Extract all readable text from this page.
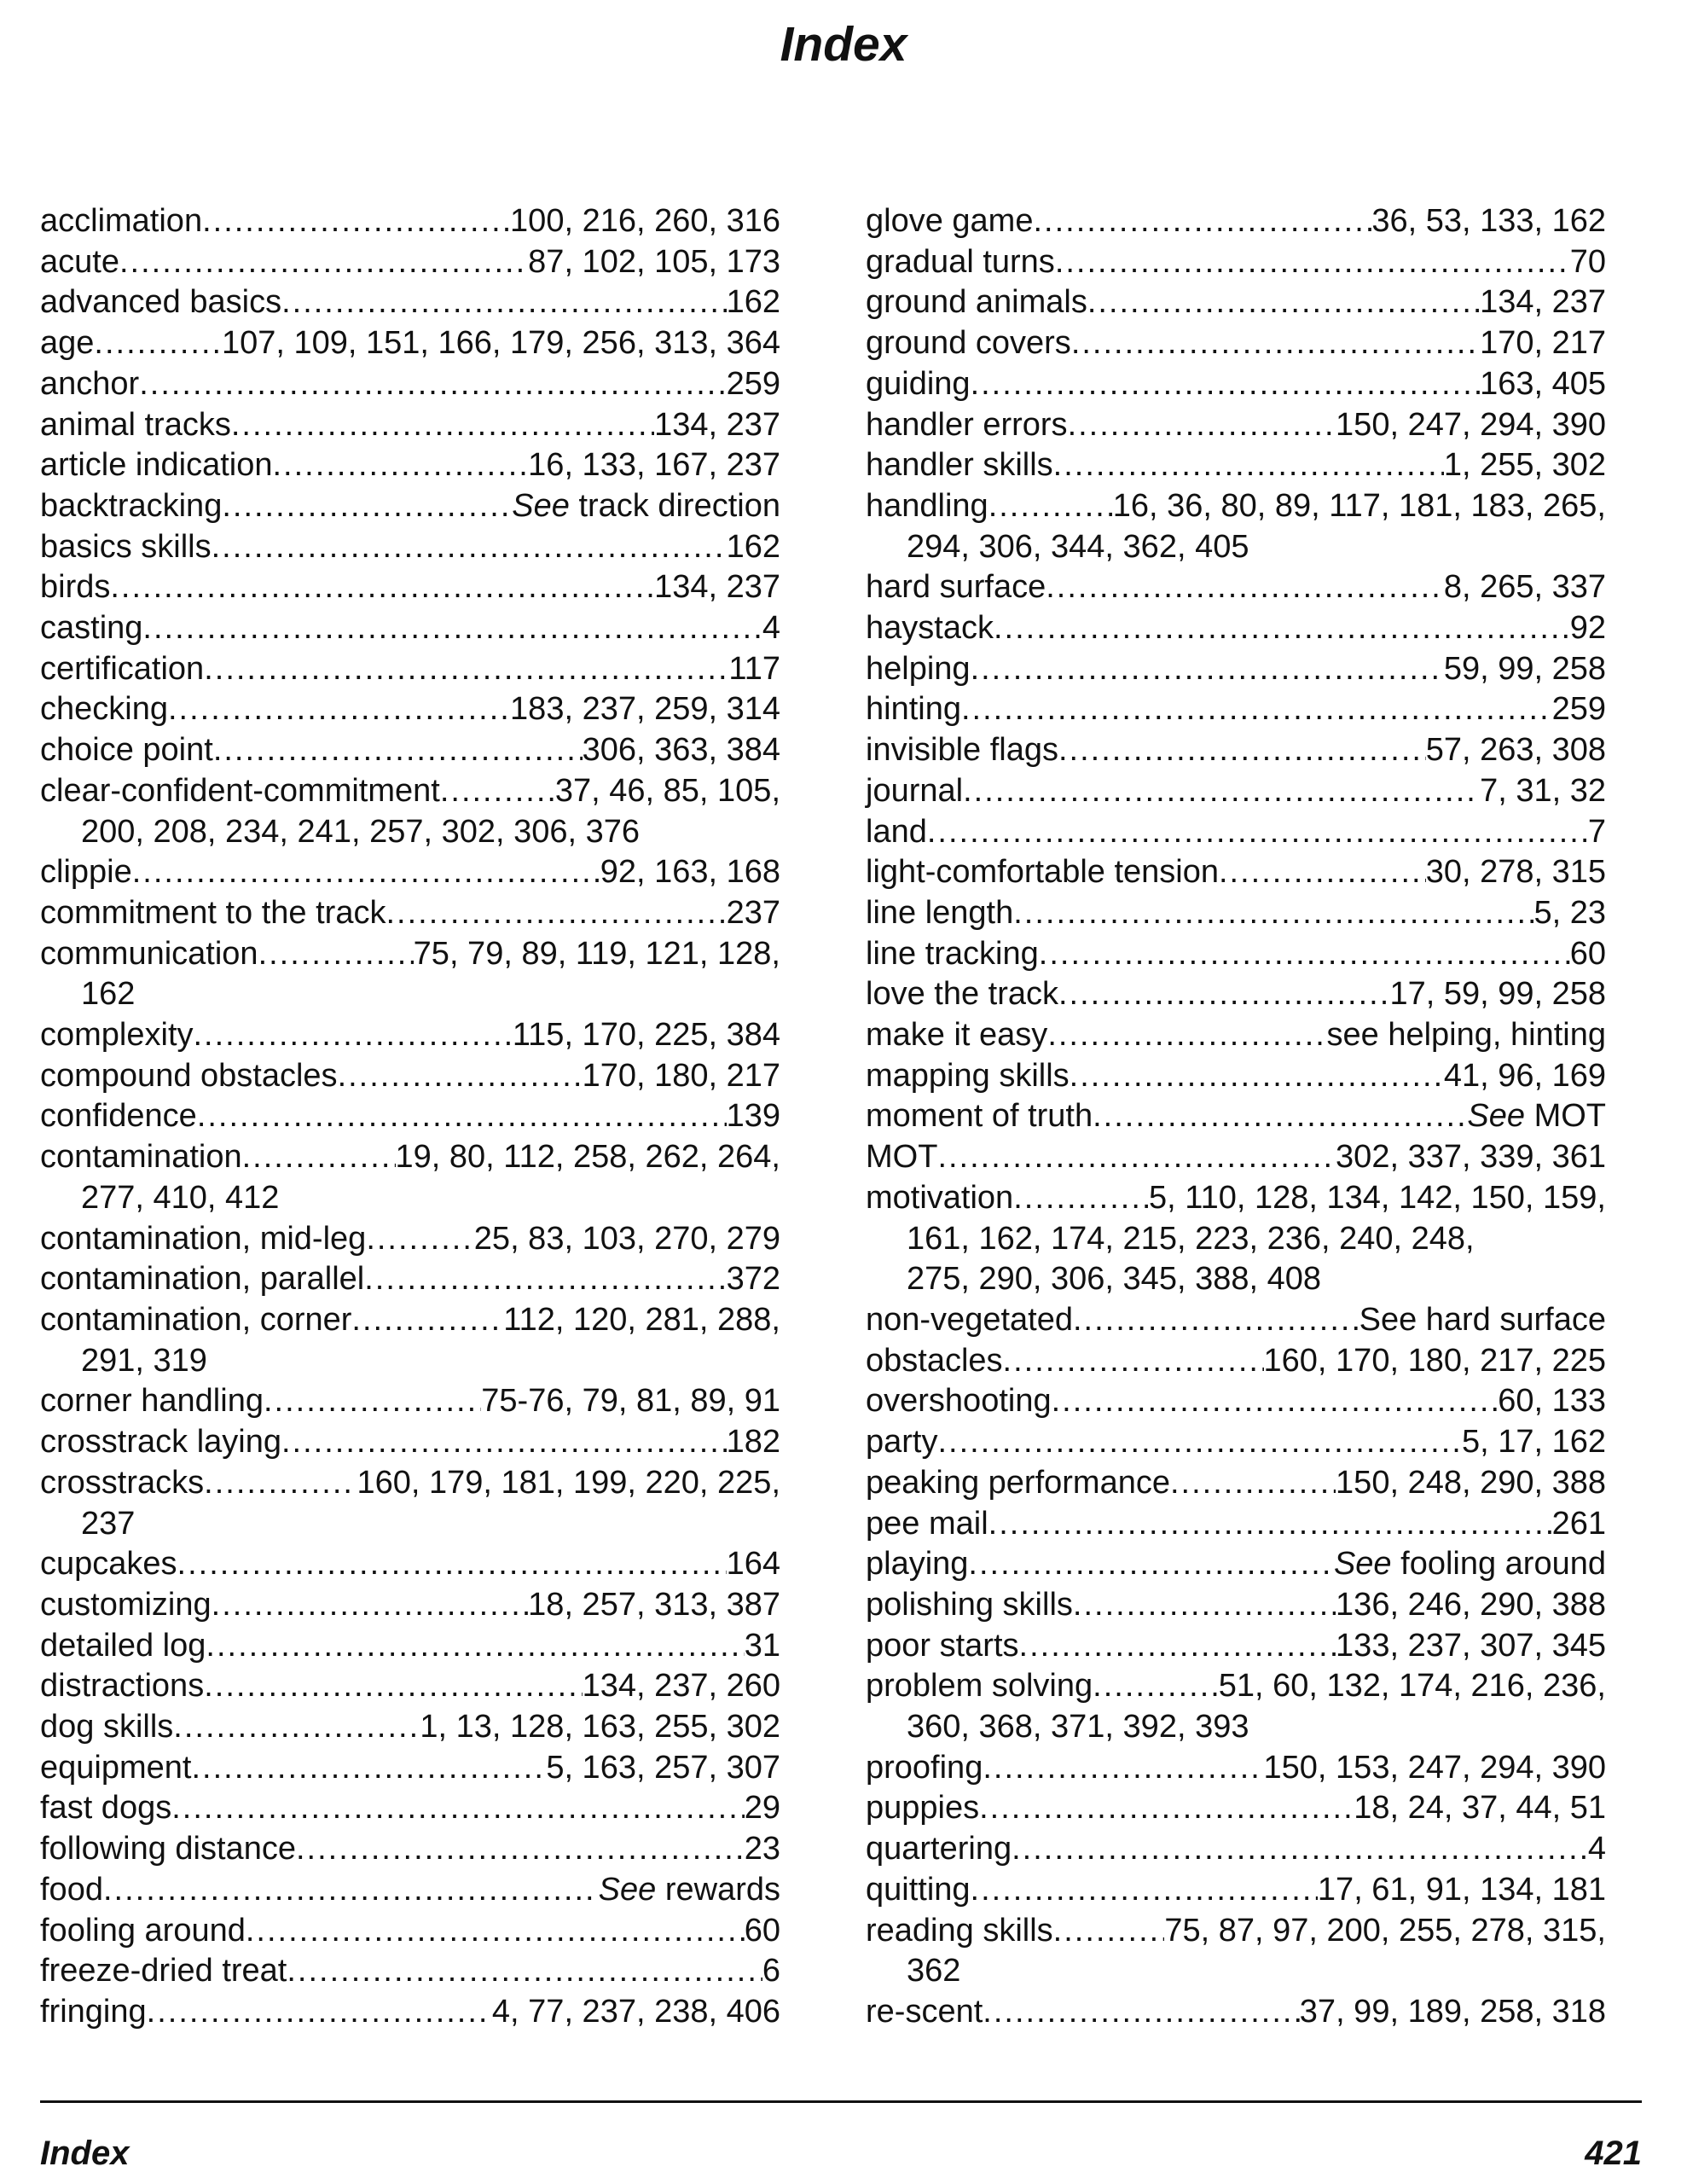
Index
acclimation .....	100, 216, 260, 316
acute .....	87, 102, 105, 173
advanced basics .....	162
age .....	107, 109, 151, 166, 179, 256, 313, 364
anchor .....	259
animal tracks .....	134, 237
article indication .....	16, 133, 167, 237
backtracking .....	See track direction
basics skills .....	162
birds .....	134, 237
casting .....	4
certification .....	117
checking .....	183, 237, 259, 314
choice point .....	306, 363, 384
clear-confident-commitment .....	37, 46, 85, 105,
200, 208, 234, 241, 257, 302, 306, 376
clippie .....	92, 163, 168
commitment to the track .....	237
communication .....	75, 79, 89, 119, 121, 128,
162
complexity .....	115, 170, 225, 384
compound obstacles .....	170, 180, 217
confidence .....	139
contamination .....	19, 80, 112, 258, 262, 264,
277, 410, 412
contamination, mid-leg .....	25, 83, 103, 270, 279
contamination, parallel .....	372
contamination, corner .....	112, 120, 281, 288,
291, 319
corner handling .....	75-76, 79, 81, 89, 91
crosstrack laying .....	182
crosstracks .....	160, 179, 181, 199, 220, 225,
237
cupcakes .....	164
customizing .....	18, 257, 313, 387
detailed log .....	31
distractions .....	134, 237, 260
dog skills .....	1, 13, 128, 163, 255, 302
equipment .....	5, 163, 257, 307
fast dogs .....	29
following distance .....	23
food .....	See rewards
fooling around .....	60
freeze-dried treat .....	6
fringing .....	4, 77, 237, 238, 406
glove game .....	36, 53, 133, 162
gradual turns .....	70
ground animals .....	134, 237
ground covers .....	170, 217
guiding .....	163, 405
handler errors .....	150, 247, 294, 390
handler skills .....	1, 255, 302
handling .....	16, 36, 80, 89, 117, 181, 183, 265,
294, 306, 344, 362, 405
hard surface .....	8, 265, 337
haystack .....	92
helping .....	59, 99, 258
hinting .....	259
invisible flags .....	57, 263, 308
journal .....	7, 31, 32
land .....	7
light-comfortable tension .....	30, 278, 315
line length .....	5, 23
line tracking .....	60
love the track .....	17, 59, 99, 258
make it easy .....	see helping, hinting
mapping skills .....	41, 96, 169
moment of truth .....	See MOT
MOT .....	302, 337, 339, 361
motivation .....	5, 110, 128, 134, 142, 150, 159,
161, 162, 174, 215, 223, 236, 240, 248,
275, 290, 306, 345, 388, 408
non-vegetated .....	See hard surface
obstacles .....	160, 170, 180, 217, 225
overshooting .....	60, 133
party .....	5, 17, 162
peaking performance .....	150, 248, 290, 388
pee mail .....	261
playing .....	See fooling around
polishing skills .....	136, 246, 290, 388
poor starts .....	133, 237, 307, 345
problem solving .....	51, 60, 132, 174, 216, 236,
360, 368, 371, 392, 393
proofing .....	150, 153, 247, 294, 390
puppies .....	18, 24, 37, 44, 51
quartering .....	4
quitting .....	17, 61, 91, 134, 181
reading skills .....	75, 87, 97, 200, 255, 278, 315,
362
re-scent .....	37, 99, 189, 258, 318
Index	421
